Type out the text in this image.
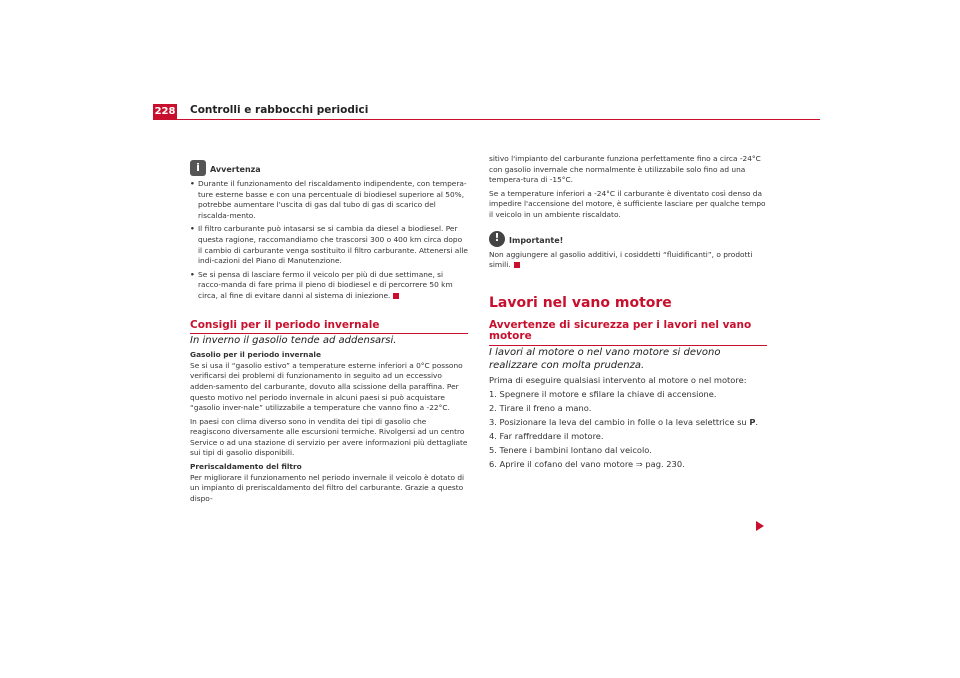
228 Controlli e rabbocchi periodici
i	Avvertenza

• Durante il funzionamento del riscaldamento indipendente, con tempera-ture esterne basse e con una percentuale di biodiesel superiore al 50%, potrebbe aumentare l'uscita di gas dal tubo di gas di scarico del riscalda-mento.

• Il filtro carburante può intasarsi se si cambia da diesel a biodiesel. Per questa ragione, raccomandiamo che trascorsi 300 o 400 km circa dopo il cambio di carburante venga sostituito il filtro carburante. Attenersi alle indi-cazioni del Piano di Manutenzione.

• Se si pensa di lasciare fermo il veicolo per più di due settimane, si racco-manda di fare prima il pieno di biodiesel e di percorrere 50 km circa, al fine di evitare danni al sistema di iniezione.

Consigli per il periodo invernale

In inverno il gasolio tende ad addensarsi.

Gasolio per il periodo invernale

Se si usa il “gasolio estivo” a temperature esterne inferiori a 0°C possono verificarsi dei problemi di funzionamento in seguito ad un eccessivo adden-samento del carburante, dovuto alla scissione della paraffina. Per questo motivo nel periodo invernale in alcuni paesi si può acquistare “gasolio inver-nale” utilizzabile a temperature che vanno fino a -22°C.

In paesi con clima diverso sono in vendita dei tipi di gasolio che reagiscono diversamente alle escursioni termiche. Rivolgersi ad un centro Service o ad una stazione di servizio per avere informazioni più dettagliate sui tipi di gasolio disponibili.

Preriscaldamento del filtro

Per migliorare il funzionamento nel periodo invernale il veicolo è dotato di un impianto di preriscaldamento del filtro del carburante. Grazie a questo dispo-

sitivo l'impianto del carburante funziona perfettamente fino a circa -24°C con gasolio invernale che normalmente è utilizzabile solo fino ad una tempera-tura di -15°C.

Se a temperature inferiori a -24°C il carburante è diventato così denso da impedire l'accensione del motore, è sufficiente lasciare per qualche tempo il veicolo in un ambiente riscaldato.

!	Importante!

Non aggiungere al gasolio additivi, i cosiddetti “fluidificanti”, o prodotti simili.

Lavori nel vano motore
Avvertenze di sicurezza per i lavori nel vano motore

I lavori al motore o nel vano motore si devono realizzare con molta prudenza.

Prima di eseguire qualsiasi intervento al motore o nel motore:

1. Spegnere il motore e sfilare la chiave di accensione.

2. Tirare il freno a mano.

3. Posizionare la leva del cambio in folle o la leva selettrice su P.

4. Far raffreddare il motore.

5. Tenere i bambini lontano dal veicolo.

6. Aprire il cofano del vano motore ⇒ pag. 230.
